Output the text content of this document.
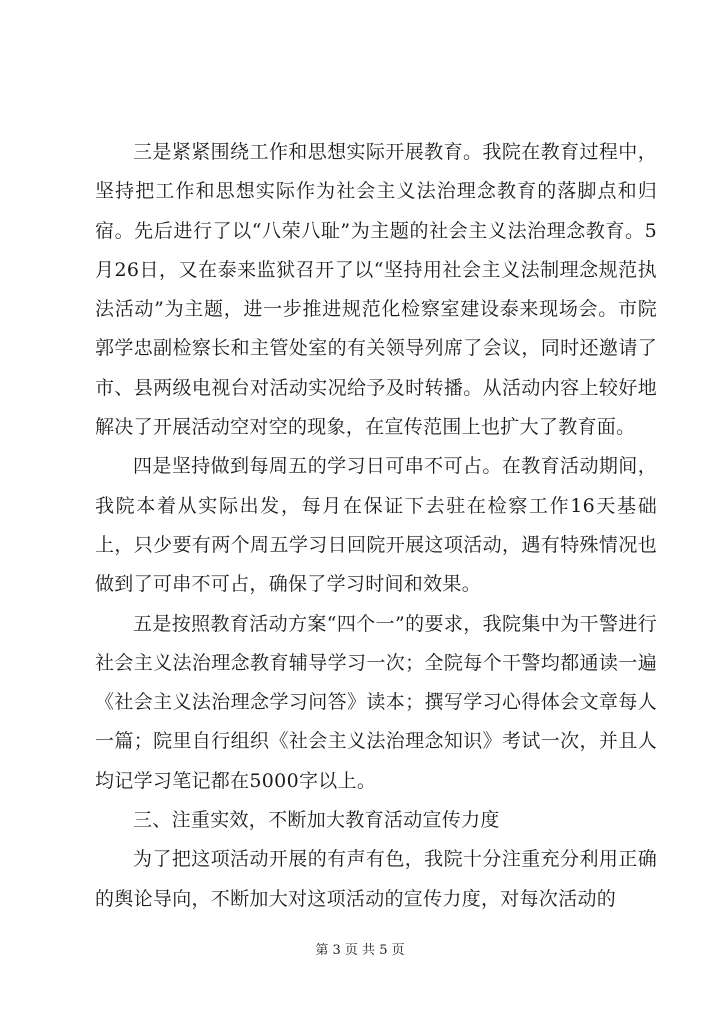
三是紧紧围绕工作和思想实际开展教育。我院在教育过程中，坚持把工作和思想实际作为社会主义法治理念教育的落脚点和归宿。先后进行了以“八荣八耻”为主题的社会主义法治理念教育。5月26日，又在泰来监狱召开了以“坚持用社会主义法制理念规范执法活动”为主题，进一步推进规范化检察室建设泰来现场会。市院郭学忠副检察长和主管处室的有关领导列席了会议，同时还邀请了市、县两级电视台对活动实况给予及时转播。从活动内容上较好地解决了开展活动空对空的现象，在宣传范围上也扩大了教育面。

四是坚持做到每周五的学习日可串不可占。在教育活动期间，我院本着从实际出发，每月在保证下去驻在检察工作16天基础上，只少要有两个周五学习日回院开展这项活动，遇有特殊情况也做到了可串不可占，确保了学习时间和效果。

五是按照教育活动方案“四个一”的要求，我院集中为干警进行社会主义法治理念教育辅导学习一次；全院每个干警均都通读一遍《社会主义法治理念学习问答》读本；撰写学习心得体会文章每人一篇；院里自行组织《社会主义法治理念知识》考试一次，并且人均记学习笔记都在5000字以上。

三、注重实效，不断加大教育活动宣传力度

为了把这项活动开展的有声有色，我院十分注重充分利用正确的舆论导向，不断加大对这项活动的宣传力度，对每次活动的

第 3 页 共 5 页
